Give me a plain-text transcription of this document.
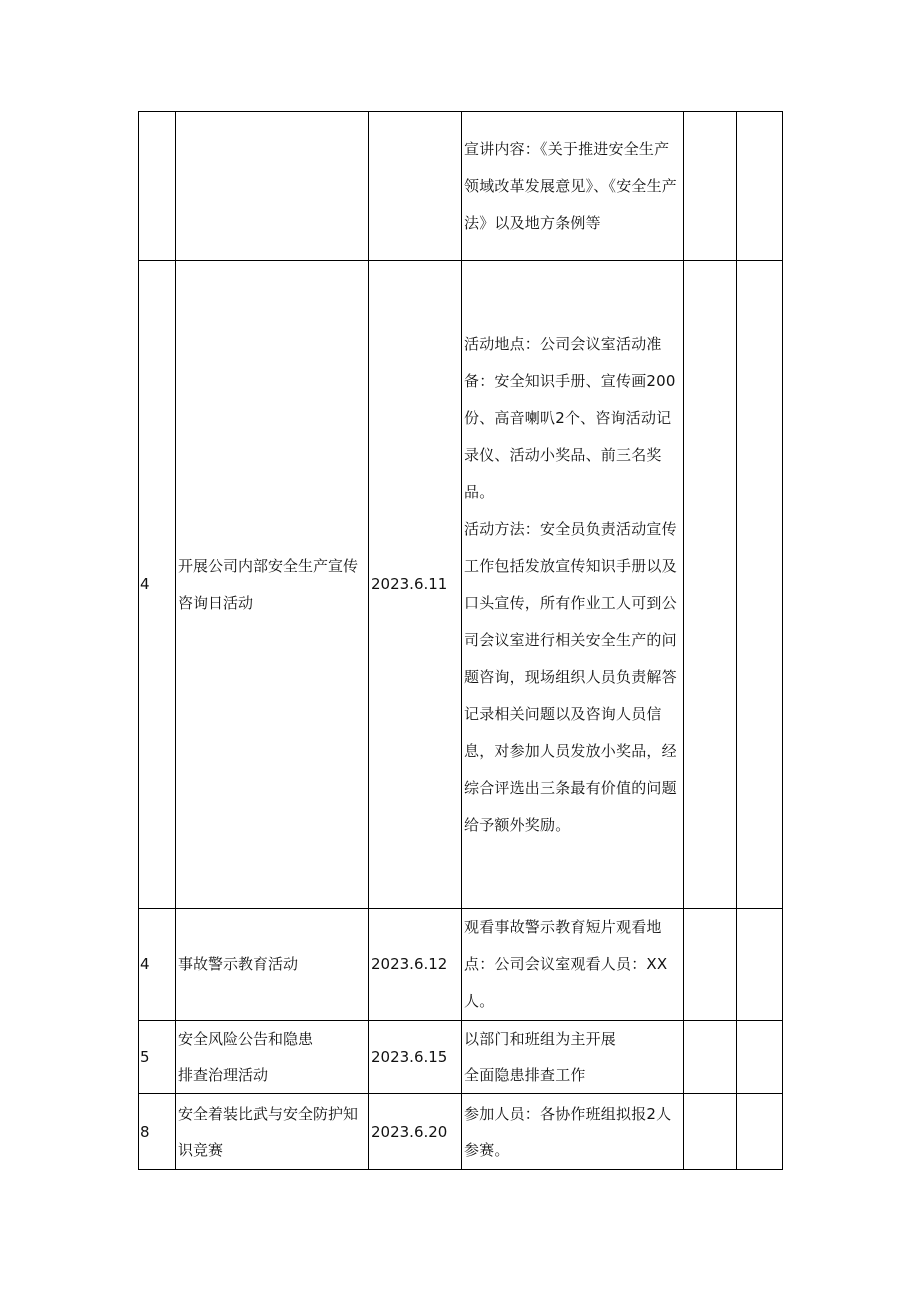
			宣讲内容：《关于推进安全生产领域改革发展意见》、《安全生产法》以及地方条例等		

4	开展公司内部安全生产宣传咨询日活动	2023.6.11	活动地点：公司会议室活动准备：安全知识手册、宣传画200份、高音喇叭2个、咨询活动记录仪、活动小奖品、前三名奖品。
活动方法：安全员负责活动宣传工作包括发放宣传知识手册以及口头宣传，所有作业工人可到公司会议室进行相关安全生产的问题咨询，现场组织人员负责解答记录相关问题以及咨询人员信息，对参加人员发放小奖品，经综合评选出三条最有价值的问题给予额外奖励。		

4	事故警示教育活动	2023.6.12	观看事故警示教育短片观看地点：公司会议室观看人员：XX人。		

5	安全风险公告和隐患
排查治理活动	2023.6.15	以部门和班组为主开展
全面隐患排查工作		

8	安全着装比武与安全防护知识竞赛	2023.6.20	参加人员：各协作班组拟报2人参赛。		
